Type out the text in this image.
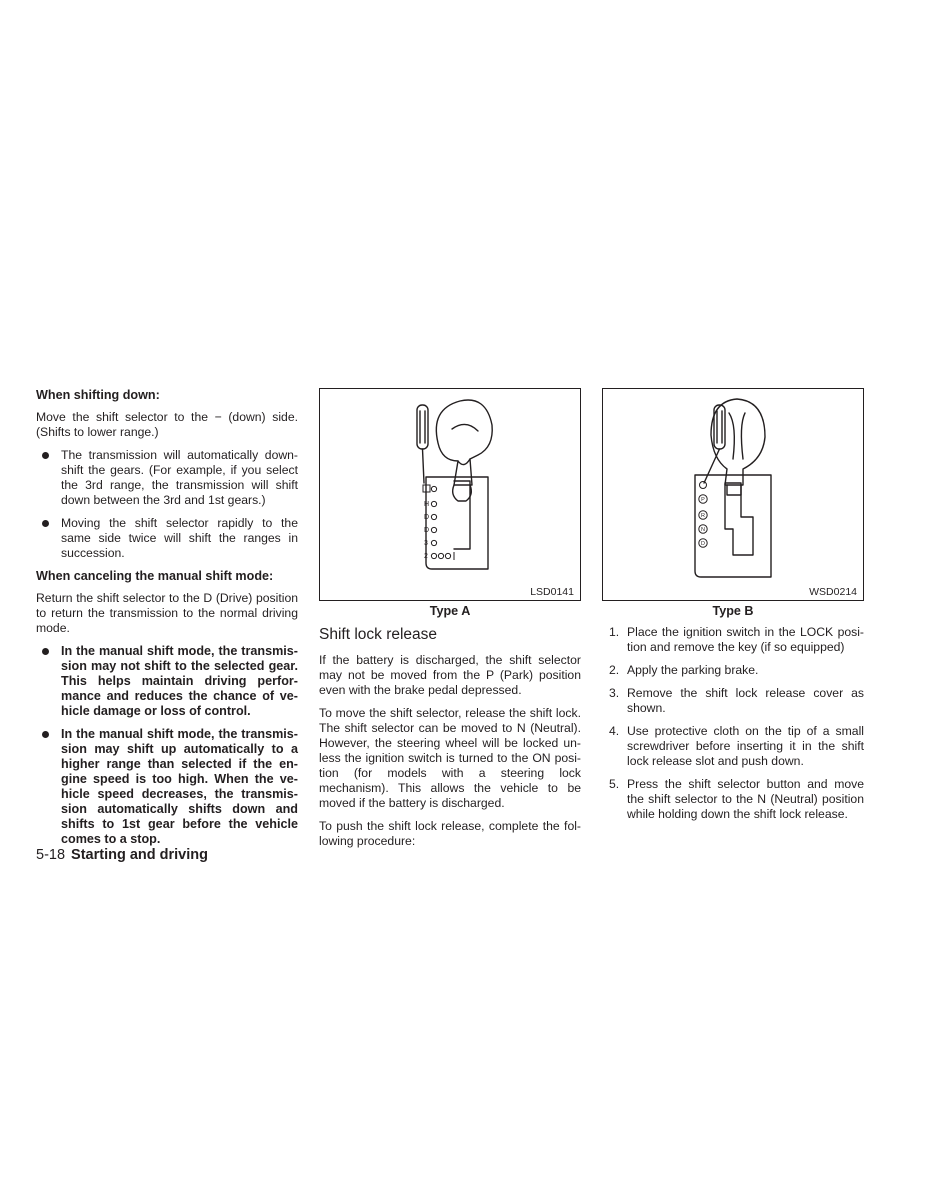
When shifting down:

Move the shift selector to the − (down) side. (Shifts to lower range.)

The transmission will automatically down-shift the gears. (For example, if you select the 3rd range, the transmission will shift down between the 3rd and 1st gears.)
Moving the shift selector rapidly to the same side twice will shift the ranges in succession.
When canceling the manual shift mode:

Return the shift selector to the D (Drive) position to return the transmission to the normal driving mode.

In the manual shift mode, the transmis-sion may not shift to the selected gear. This helps maintain driving perfor-mance and reduces the chance of ve-hicle damage or loss of control.
In the manual shift mode, the transmis-sion may shift up automatically to a higher range than selected if the en-gine speed is too high. When the ve-hicle speed decreases, the transmis-sion automatically shifts down and shifts to 1st gear before the vehicle comes to a stop.
H
D
D
3
2
LSD0141
Type A
Shift lock release

If the battery is discharged, the shift selector may not be moved from the P (Park) position even with the brake pedal depressed.

To move the shift selector, release the shift lock. The shift selector can be moved to N (Neutral). However, the steering wheel will be locked un-less the ignition switch is turned to the ON posi-tion (for models with a steering lock mechanism). This allows the vehicle to be moved if the battery is discharged.

To push the shift lock release, complete the fol-lowing procedure:

P
R
N
D
WSD0214
Type B
1. Place the ignition switch in the LOCK posi-tion and remove the key (if so equipped)
2. Apply the parking brake.
3. Remove the shift lock release cover as shown.
4. Use protective cloth on the tip of a small screwdriver before inserting it in the shift lock release slot and push down.
5. Press the shift selector button and move the shift selector to the N (Neutral) position while holding down the shift lock release.
5-18 Starting and driving
